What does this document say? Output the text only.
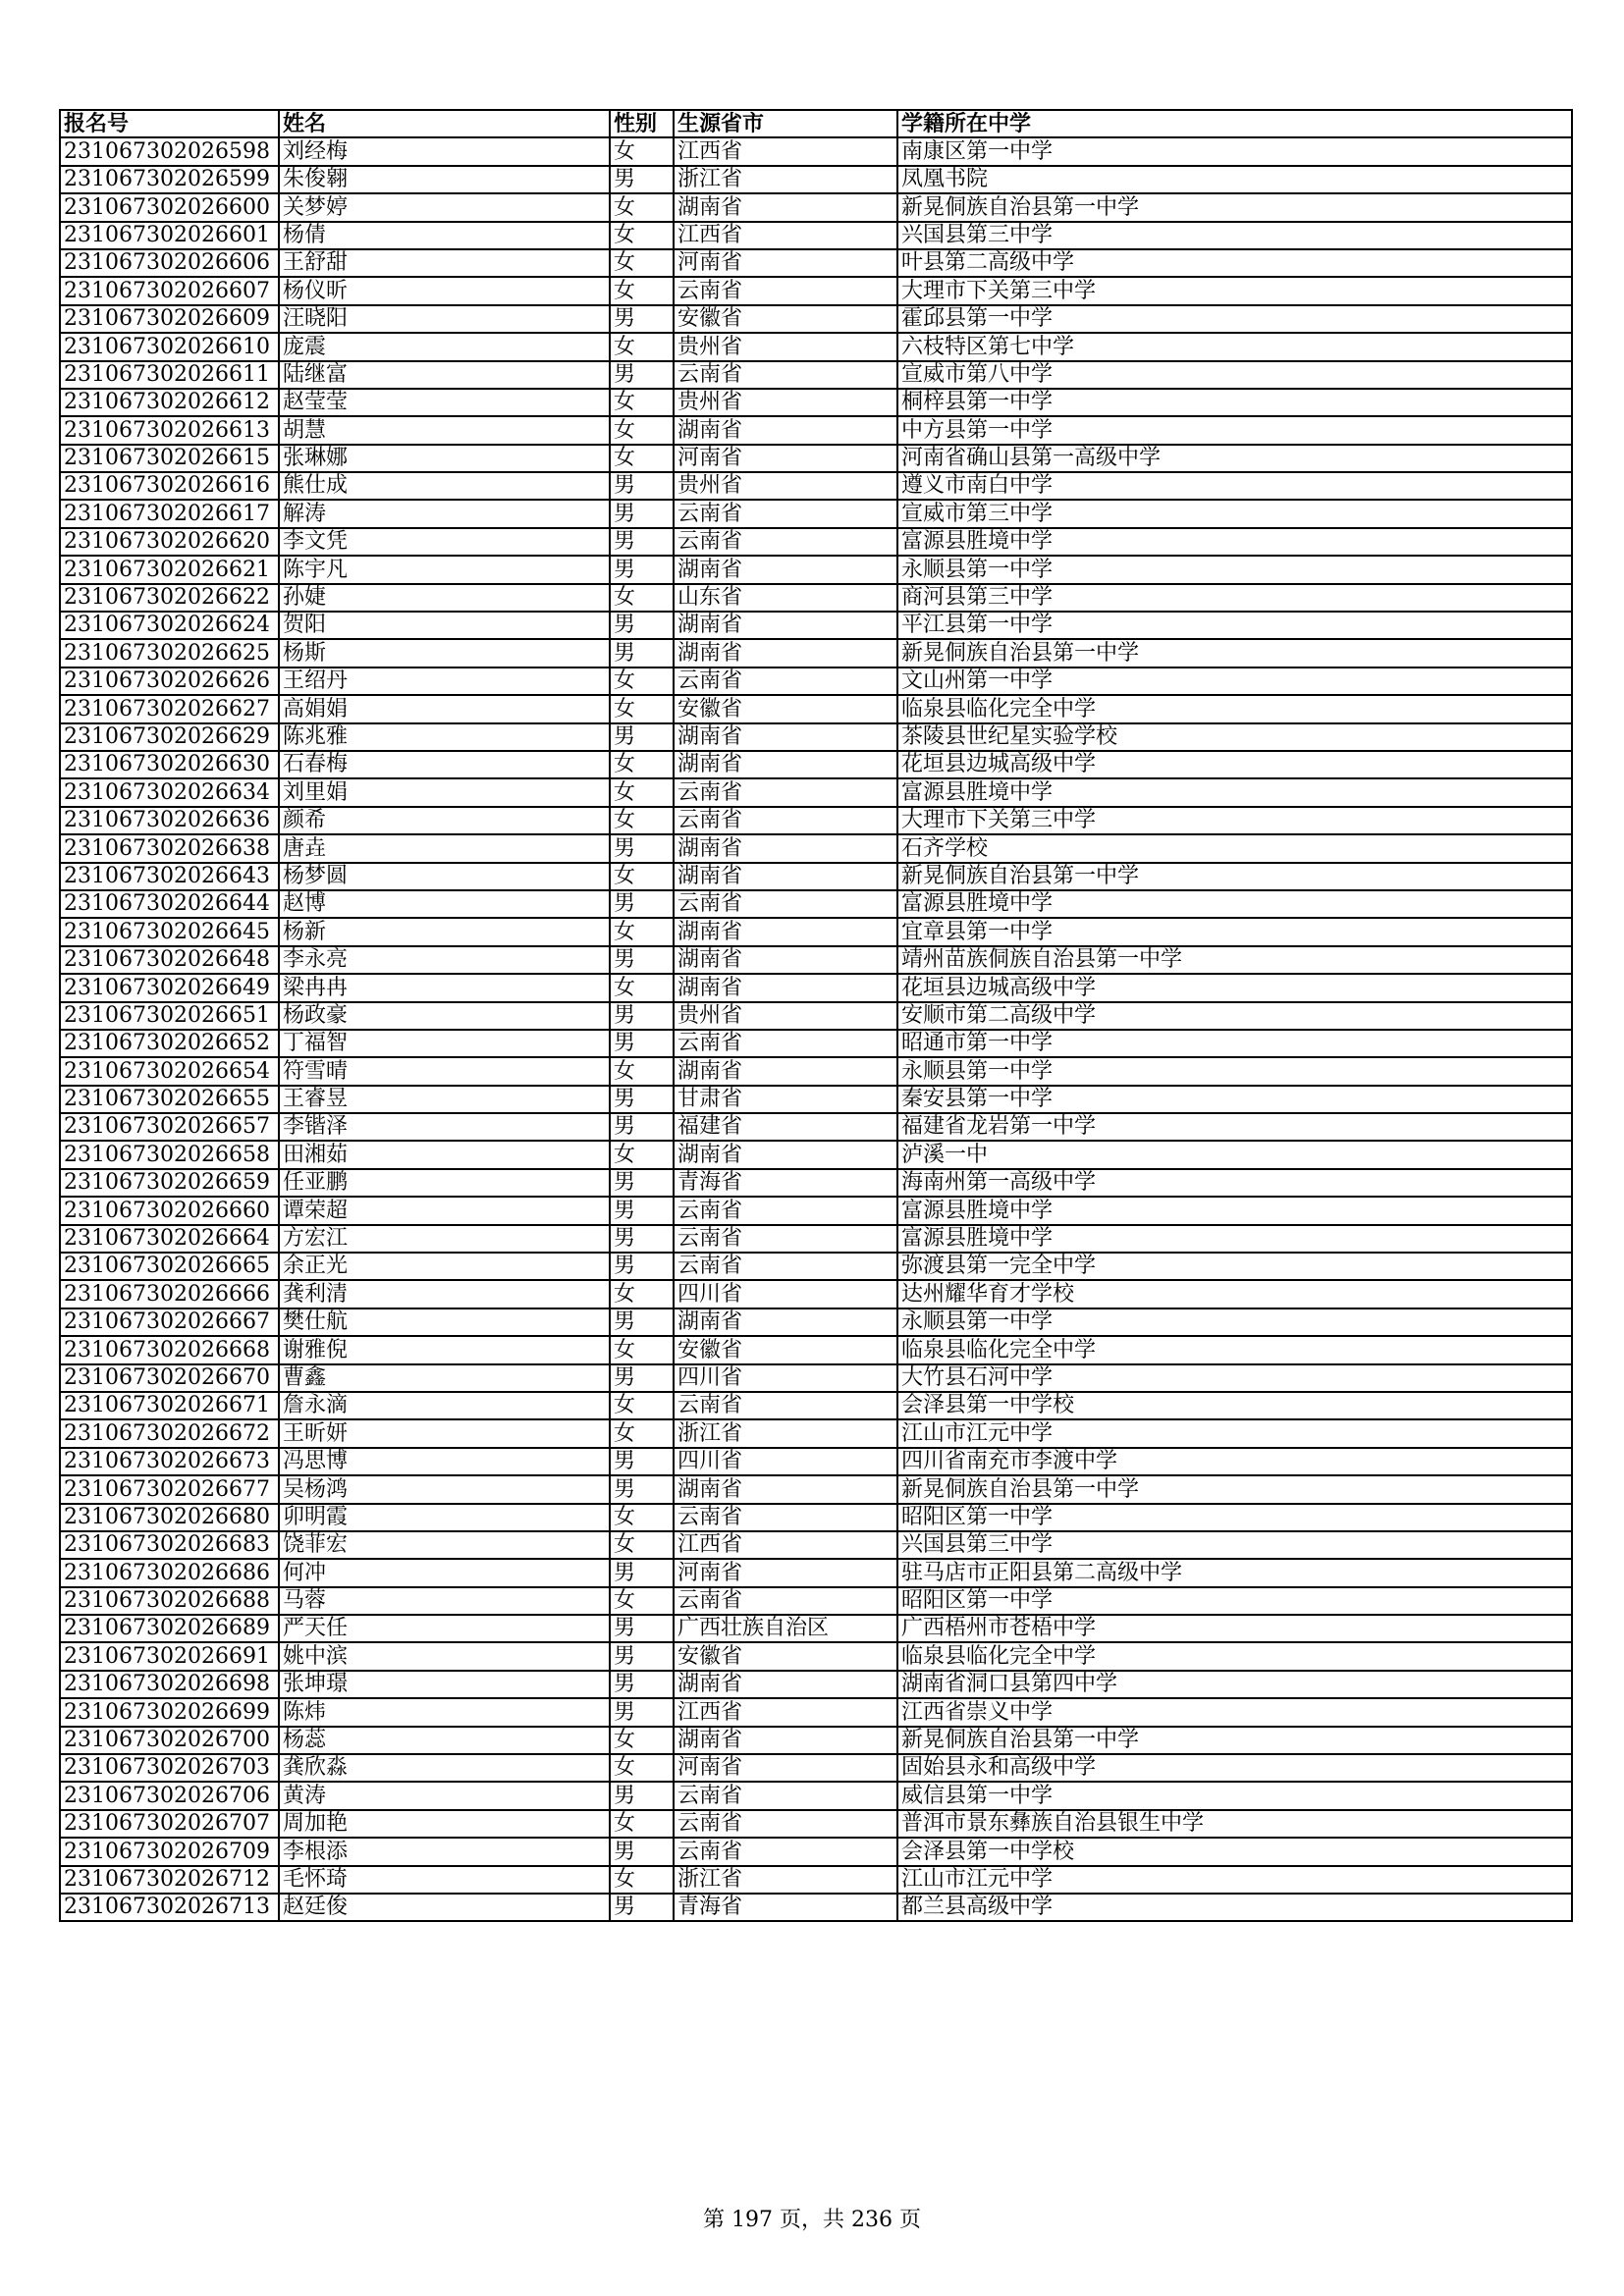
报名号	姓名	性别	生源省市	学籍所在中学
231067302026598	刘经梅	女	江西省	南康区第一中学
231067302026599	朱俊翱	男	浙江省	凤凰书院
231067302026600	关梦婷	女	湖南省	新晃侗族自治县第一中学
231067302026601	杨倩	女	江西省	兴国县第三中学
231067302026606	王舒甜	女	河南省	叶县第二高级中学
231067302026607	杨仪昕	女	云南省	大理市下关第三中学
231067302026609	汪晓阳	男	安徽省	霍邱县第一中学
231067302026610	庞震	女	贵州省	六枝特区第七中学
231067302026611	陆继富	男	云南省	宣威市第八中学
231067302026612	赵莹莹	女	贵州省	桐梓县第一中学
231067302026613	胡慧	女	湖南省	中方县第一中学
231067302026615	张琳娜	女	河南省	河南省确山县第一高级中学
231067302026616	熊仕成	男	贵州省	遵义市南白中学
231067302026617	解涛	男	云南省	宣威市第三中学
231067302026620	李文凭	男	云南省	富源县胜境中学
231067302026621	陈宇凡	男	湖南省	永顺县第一中学
231067302026622	孙婕	女	山东省	商河县第三中学
231067302026624	贺阳	男	湖南省	平江县第一中学
231067302026625	杨斯	男	湖南省	新晃侗族自治县第一中学
231067302026626	王绍丹	女	云南省	文山州第一中学
231067302026627	高娟娟	女	安徽省	临泉县临化完全中学
231067302026629	陈兆雅	男	湖南省	茶陵县世纪星实验学校
231067302026630	石春梅	女	湖南省	花垣县边城高级中学
231067302026634	刘里娟	女	云南省	富源县胜境中学
231067302026636	颜希	女	云南省	大理市下关第三中学
231067302026638	唐垚	男	湖南省	石齐学校
231067302026643	杨梦圆	女	湖南省	新晃侗族自治县第一中学
231067302026644	赵博	男	云南省	富源县胜境中学
231067302026645	杨新	女	湖南省	宜章县第一中学
231067302026648	李永亮	男	湖南省	靖州苗族侗族自治县第一中学
231067302026649	梁冉冉	女	湖南省	花垣县边城高级中学
231067302026651	杨政豪	男	贵州省	安顺市第二高级中学
231067302026652	丁福智	男	云南省	昭通市第一中学
231067302026654	符雪晴	女	湖南省	永顺县第一中学
231067302026655	王睿昱	男	甘肃省	秦安县第一中学
231067302026657	李锴泽	男	福建省	福建省龙岩第一中学
231067302026658	田湘茹	女	湖南省	泸溪一中
231067302026659	任亚鹏	男	青海省	海南州第一高级中学
231067302026660	谭荣超	男	云南省	富源县胜境中学
231067302026664	方宏江	男	云南省	富源县胜境中学
231067302026665	余正光	男	云南省	弥渡县第一完全中学
231067302026666	龚利清	女	四川省	达州耀华育才学校
231067302026667	樊仕航	男	湖南省	永顺县第一中学
231067302026668	谢雅倪	女	安徽省	临泉县临化完全中学
231067302026670	曹鑫	男	四川省	大竹县石河中学
231067302026671	詹永滴	女	云南省	会泽县第一中学校
231067302026672	王昕妍	女	浙江省	江山市江元中学
231067302026673	冯思博	男	四川省	四川省南充市李渡中学
231067302026677	吴杨鸿	男	湖南省	新晃侗族自治县第一中学
231067302026680	卯明霞	女	云南省	昭阳区第一中学
231067302026683	饶菲宏	女	江西省	兴国县第三中学
231067302026686	何冲	男	河南省	驻马店市正阳县第二高级中学
231067302026688	马蓉	女	云南省	昭阳区第一中学
231067302026689	严天任	男	广西壮族自治区	广西梧州市苍梧中学
231067302026691	姚中滨	男	安徽省	临泉县临化完全中学
231067302026698	张坤璟	男	湖南省	湖南省洞口县第四中学
231067302026699	陈炜	男	江西省	江西省崇义中学
231067302026700	杨蕊	女	湖南省	新晃侗族自治县第一中学
231067302026703	龚欣淼	女	河南省	固始县永和高级中学
231067302026706	黄涛	男	云南省	威信县第一中学
231067302026707	周加艳	女	云南省	普洱市景东彝族自治县银生中学
231067302026709	李根添	男	云南省	会泽县第一中学校
231067302026712	毛怀琦	女	浙江省	江山市江元中学
231067302026713	赵廷俊	男	青海省	都兰县高级中学
第 197 页，共 236 页
